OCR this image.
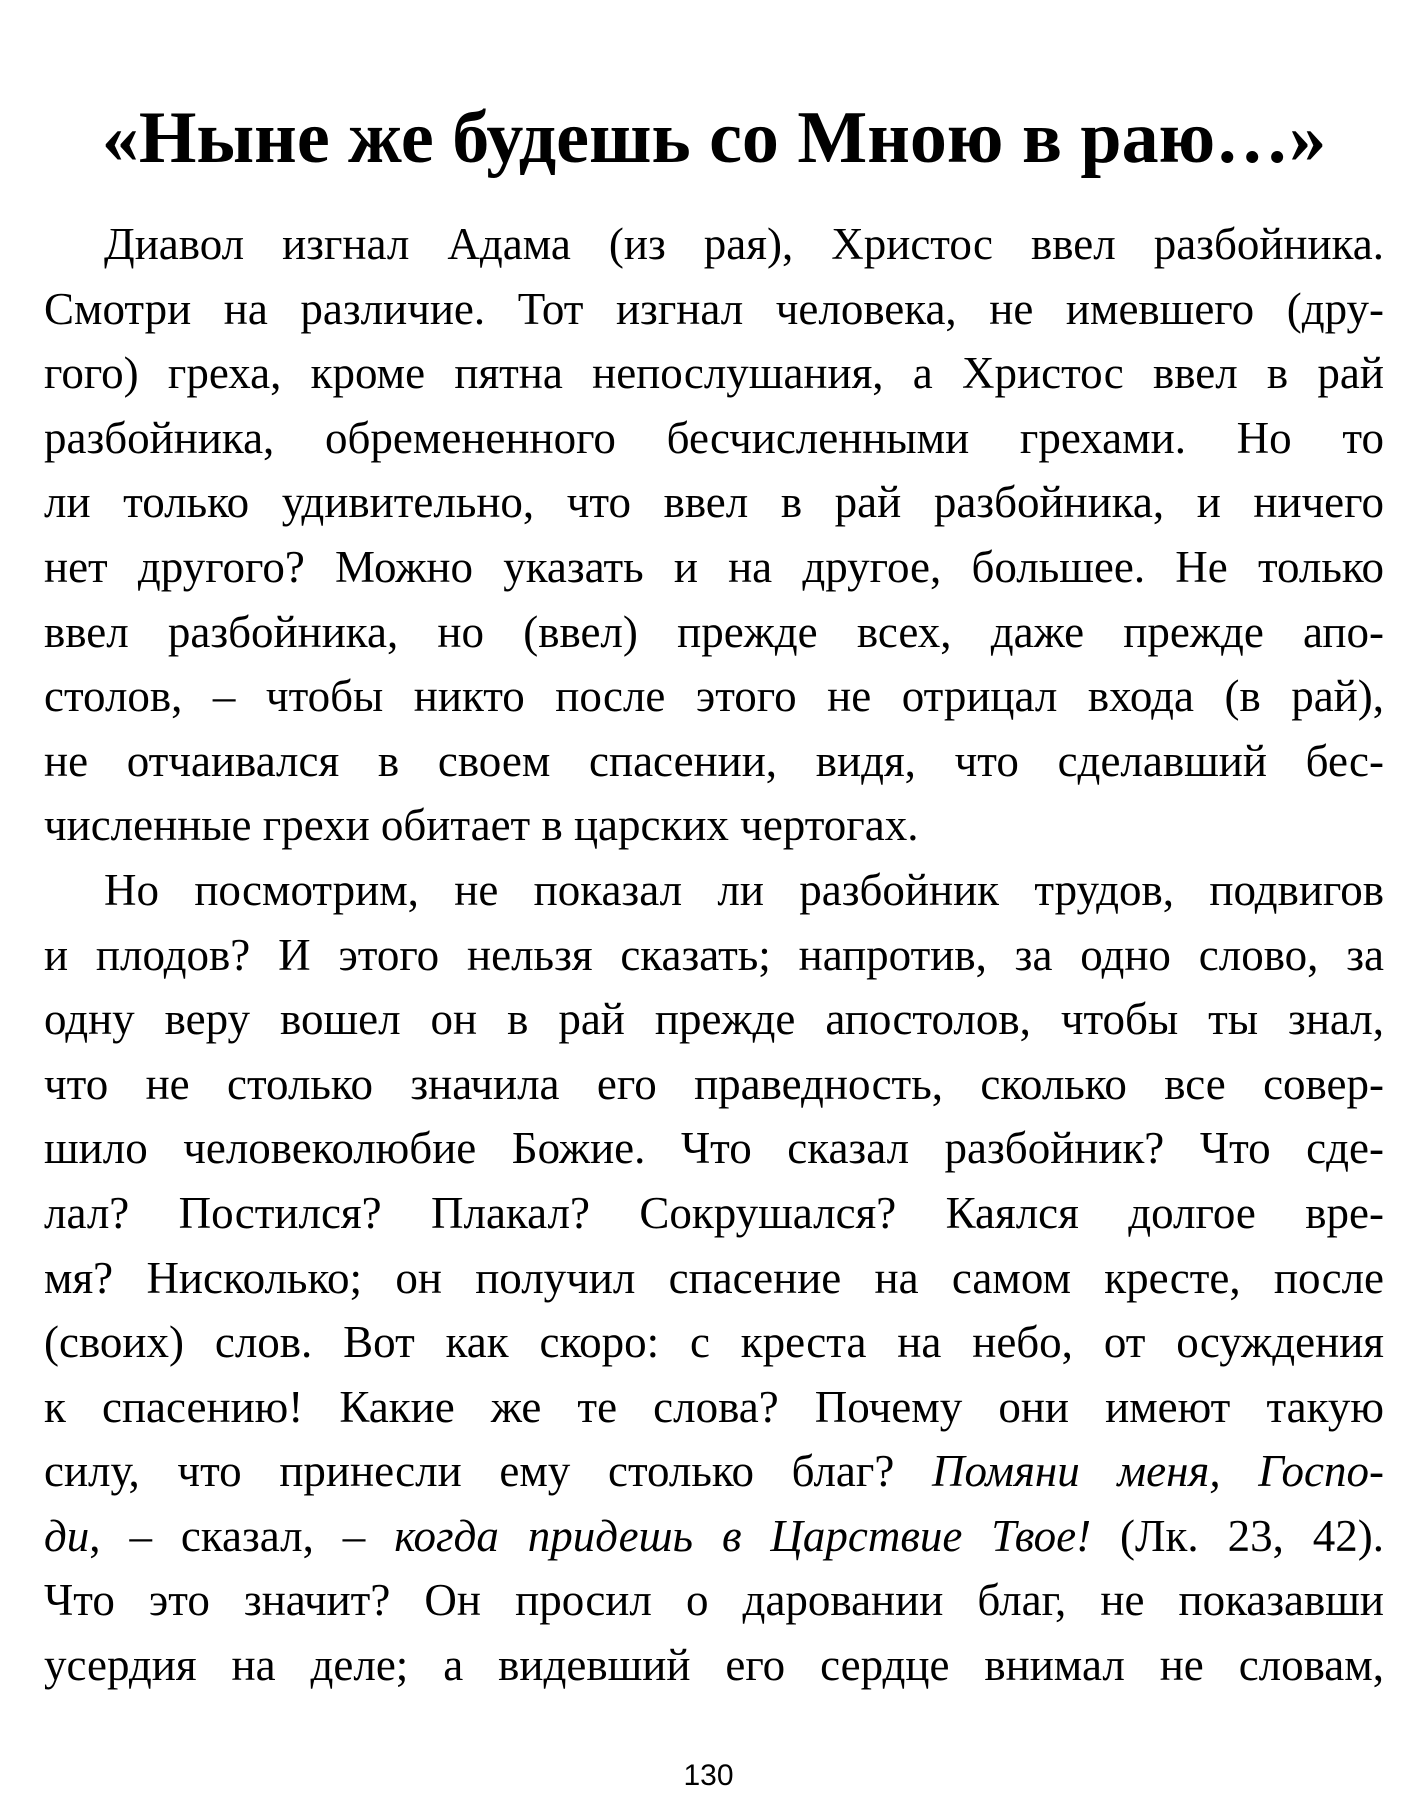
«Ныне же будешь со Мною в раю…»
Диавол изгнал Адама (из рая), Христос ввел разбойника.
Смотри на различие. Тот изгнал человека, не имевшего (дру-
гого) греха, кроме пятна непослушания, а Христос ввел в рай
разбойника, обремененного бесчисленными грехами. Но то
ли только удивительно, что ввел в рай разбойника, и ничего
нет другого? Можно указать и на другое, большее. Не только
ввел разбойника, но (ввел) прежде всех, даже прежде апо-
столов, – чтобы никто после этого не отрицал входа (в рай),
не отчаивался в своем спасении, видя, что сделавший бес-
численные грехи обитает в царских чертогах.
Но посмотрим, не показал ли разбойник трудов, подвигов
и плодов? И этого нельзя сказать; напротив, за одно слово, за
одну веру вошел он в рай прежде апостолов, чтобы ты знал,
что не столько значила его праведность, сколько все совер-
шило человеколюбие Божие. Что сказал разбойник? Что сде-
лал? Постился? Плакал? Сокрушался? Каялся долгое вре-
мя? Нисколько; он получил спасение на самом кресте, после
(своих) слов. Вот как скоро: с креста на небо, от осуждения
к спасению! Какие же те слова? Почему они имеют такую
силу, что принесли ему столько благ? Помяни меня, Госпо-
ди, – сказал, – когда придешь в Царствие Твое! (Лк. 23, 42).
Что это значит? Он просил о даровании благ, не показавши
усердия на деле; а видевший его сердце внимал не словам,
130
